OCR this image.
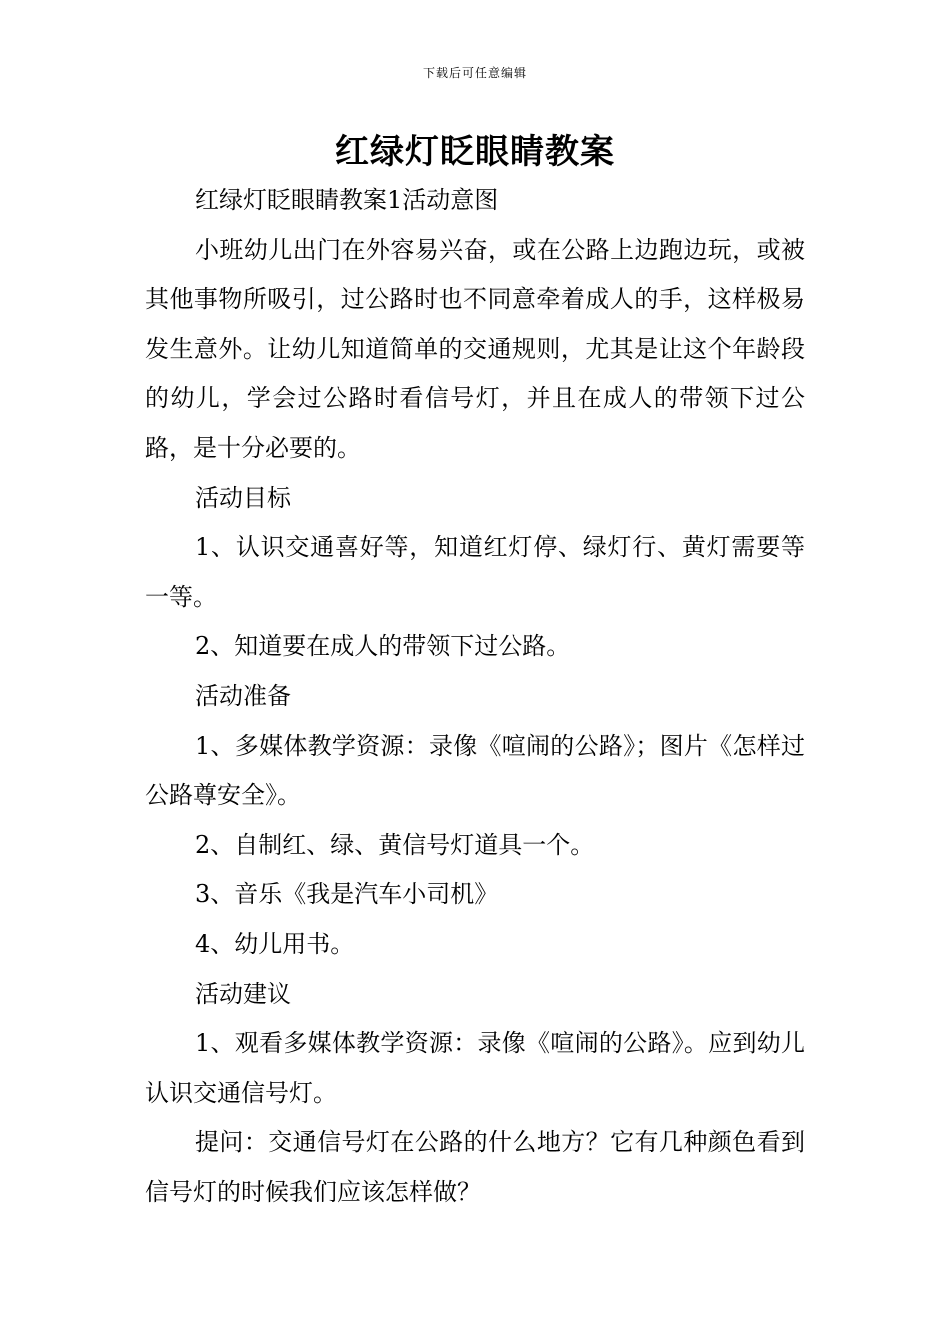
下载后可任意编辑
红绿灯眨眼睛教案

红绿灯眨眼睛教案1活动意图

小班幼儿出门在外容易兴奋，或在公路上边跑边玩，或被其他事物所吸引，过公路时也不同意牵着成人的手，这样极易发生意外。让幼儿知道简单的交通规则，尤其是让这个年龄段的幼儿，学会过公路时看信号灯，并且在成人的带领下过公路，是十分必要的。

活动目标

1、认识交通喜好等，知道红灯停、绿灯行、黄灯需要等一等。

2、知道要在成人的带领下过公路。

活动准备

1、多媒体教学资源：录像《喧闹的公路》；图片《怎样过公路尊安全》。

2、自制红、绿、黄信号灯道具一个。

3、音乐《我是汽车小司机》

4、幼儿用书。

活动建议

1、观看多媒体教学资源：录像《喧闹的公路》。应到幼儿认识交通信号灯。

提问：交通信号灯在公路的什么地方？它有几种颜色看到信号灯的时候我们应该怎样做？
